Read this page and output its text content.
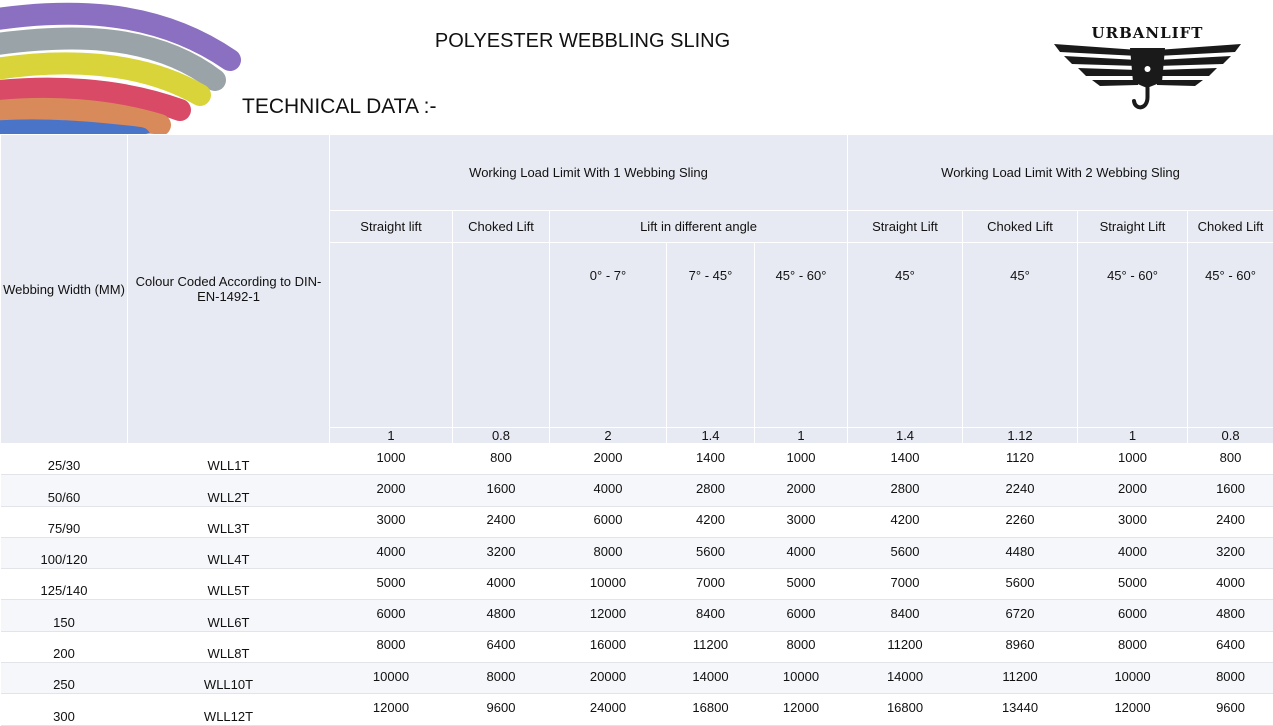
POLYESTER WEBBLING SLING
TECHNICAL DATA :-
URBANLIFT
Webbing Width (MM)	Colour Coded According to DIN-EN-1492-1	Working Load Limit With 1 Webbing Sling					Working Load Limit With 2 Webbing Sling			
		Straight lift	Choked Lift	Lift in different angle			Straight Lift	Choked Lift	Straight Lift	Choked Lift
				0° - 7°	7° - 45°	45° - 60°	45°	45°	45° - 60°	45° - 60°
		1	0.8	2	1.4	1	1.4	1.12	1	0.8
25/30	WLL1T	1000	800	2000	1400	1000	1400	1120	1000	800
50/60	WLL2T	2000	1600	4000	2800	2000	2800	2240	2000	1600
75/90	WLL3T	3000	2400	6000	4200	3000	4200	2260	3000	2400
100/120	WLL4T	4000	3200	8000	5600	4000	5600	4480	4000	3200
125/140	WLL5T	5000	4000	10000	7000	5000	7000	5600	5000	4000
150	WLL6T	6000	4800	12000	8400	6000	8400	6720	6000	4800
200	WLL8T	8000	6400	16000	11200	8000	11200	8960	8000	6400
250	WLL10T	10000	8000	20000	14000	10000	14000	11200	10000	8000
300	WLL12T	12000	9600	24000	16800	12000	16800	13440	12000	9600
